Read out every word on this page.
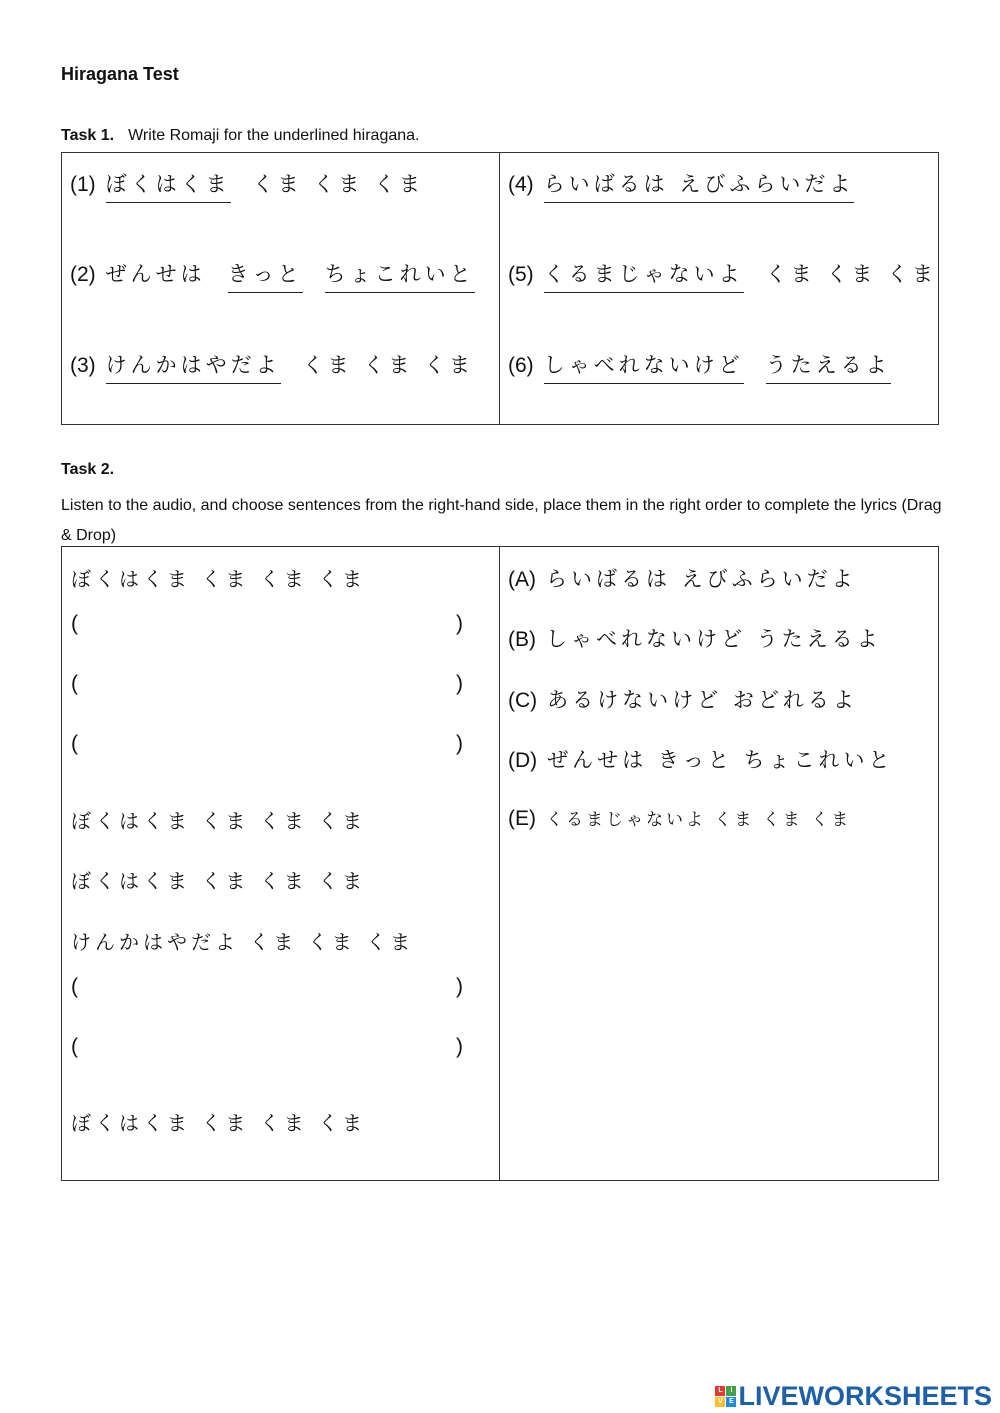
Hiragana Test
Task 1. Write Romaji for the underlined hiragana.
(1) ぼくはくま くま くま くま
(2) ぜんせは きっと ちょこれいと
(3) けんかはやだよ くま くま くま
(4) らいばるは えびふらいだよ
(5) くるまじゃないよ くま くま くま
(6) しゃべれないけど うたえるよ
Task 2.
Listen to the audio, and choose sentences from the right-hand side, place them in the right order to complete the lyrics (Drag & Drop)
ぼくはくま くま くま くま
(	)
(	)
(	)
ぼくはくま くま くま くま
ぼくはくま くま くま くま
けんかはやだよ くま くま くま
(	)
(	)
ぼくはくま くま くま くま
(A) らいばるは えびふらいだよ
(B) しゃべれないけど うたえるよ
(C) あるけないけど おどれるよ
(D) ぜんせは きっと ちょこれいと
(E) くるまじゃないよ くま くま くま
L	I
V E LIVEWORKSHEETS
